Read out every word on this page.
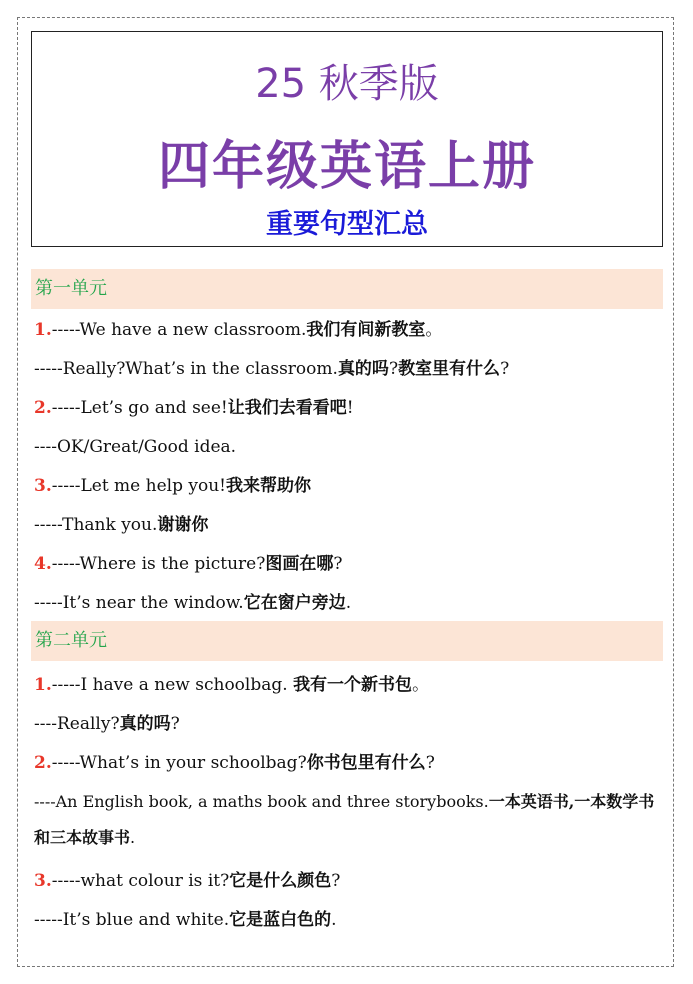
25 秋季版
四年级英语上册
重要句型汇总
第一单元
1.-----We have a new classroom.我们有间新教室。
-----Really?What’s in the classroom.真的吗?教室里有什么?
2.-----Let’s go and see!让我们去看看吧!
----OK/Great/Good idea.
3.-----Let me help you!我来帮助你
-----Thank you.谢谢你
4.-----Where is the picture?图画在哪?
-----It’s near the window.它在窗户旁边.
第二单元
1.-----I have a new schoolbag. 我有一个新书包。
----Really?真的吗?
2.-----What’s in your schoolbag?你书包里有什么?
----An English book, a maths book and three storybooks.一本英语书,一本数学书和三本故事书.
3.-----what colour is it?它是什么颜色?
-----It’s blue and white.它是蓝白色的.
